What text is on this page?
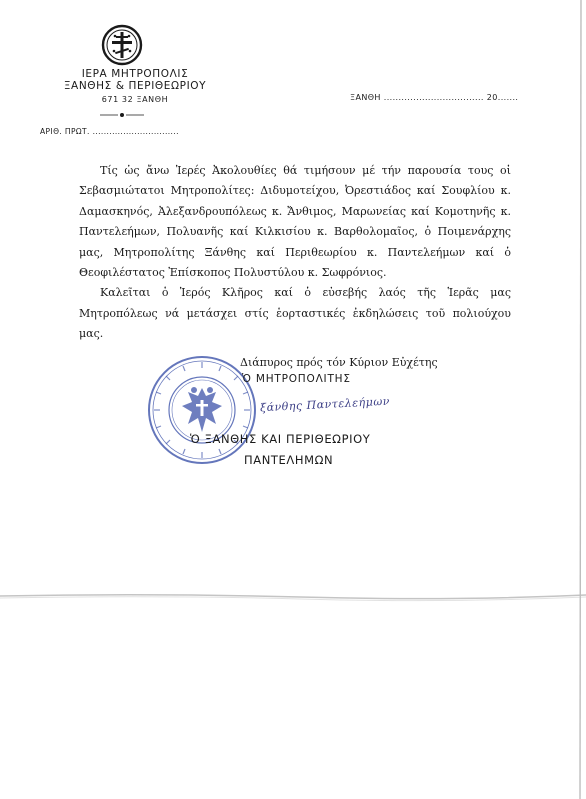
ΙΕΡΑ ΜΗΤΡΟΠΟΛΙΣ
ΞΑΝΘΗΣ & ΠΕΡΙΘΕΩΡΙΟΥ
671 32 ΞΑΝΘΗ
ΑΡΙΘ. ΠΡΩΤ. ...............................
ΞΑΝΘΗ .................................. 20.......

Τίς ὡς ἄνω Ἱερές Ἀκολουθίες θά τιμήσουν μέ τήν παρουσία τους οἱ Σεβασμιώτατοι Μητροπολίτες: Διδυμοτείχου, Ὀρεστιάδος καί Σουφλίου κ. Δαμασκηνός, Ἀλεξανδρουπόλεως κ. Ἄνθιμος, Μαρωνείας καί Κομοτηνῆς κ. Παντελεήμων, Πολυανῆς καί Κιλκισίου κ. Βαρθολομαῖος, ὁ Ποιμενάρχης μας, Μητροπολίτης Ξάνθης καί Περιθεωρίου κ. Παντελεήμων καί ὁ Θεοφιλέστατος Ἐπίσκοπος Πολυστύλου κ. Σωφρόνιος.

Καλεῖται ὁ Ἱερός Κλῆρος καί ὁ εὐσεβής λαός τῆς Ἱερᾶς μας Μητροπόλεως νά μετάσχει στίς ἑορταστικές ἐκδηλώσεις τοῦ πολιούχου μας.

Διάπυρος πρός τόν Κύριον Εὐχέτης
Ὁ ΜΗΤΡΟΠΟΛΙΤΗΣ
ξάνθης Παντελεήμων
Ὁ ΞΑΝΘΗΣ ΚΑΙ ΠΕΡΙΘΕΩΡΙΟΥ
ΠΑΝΤΕΛΗΜΩΝ
